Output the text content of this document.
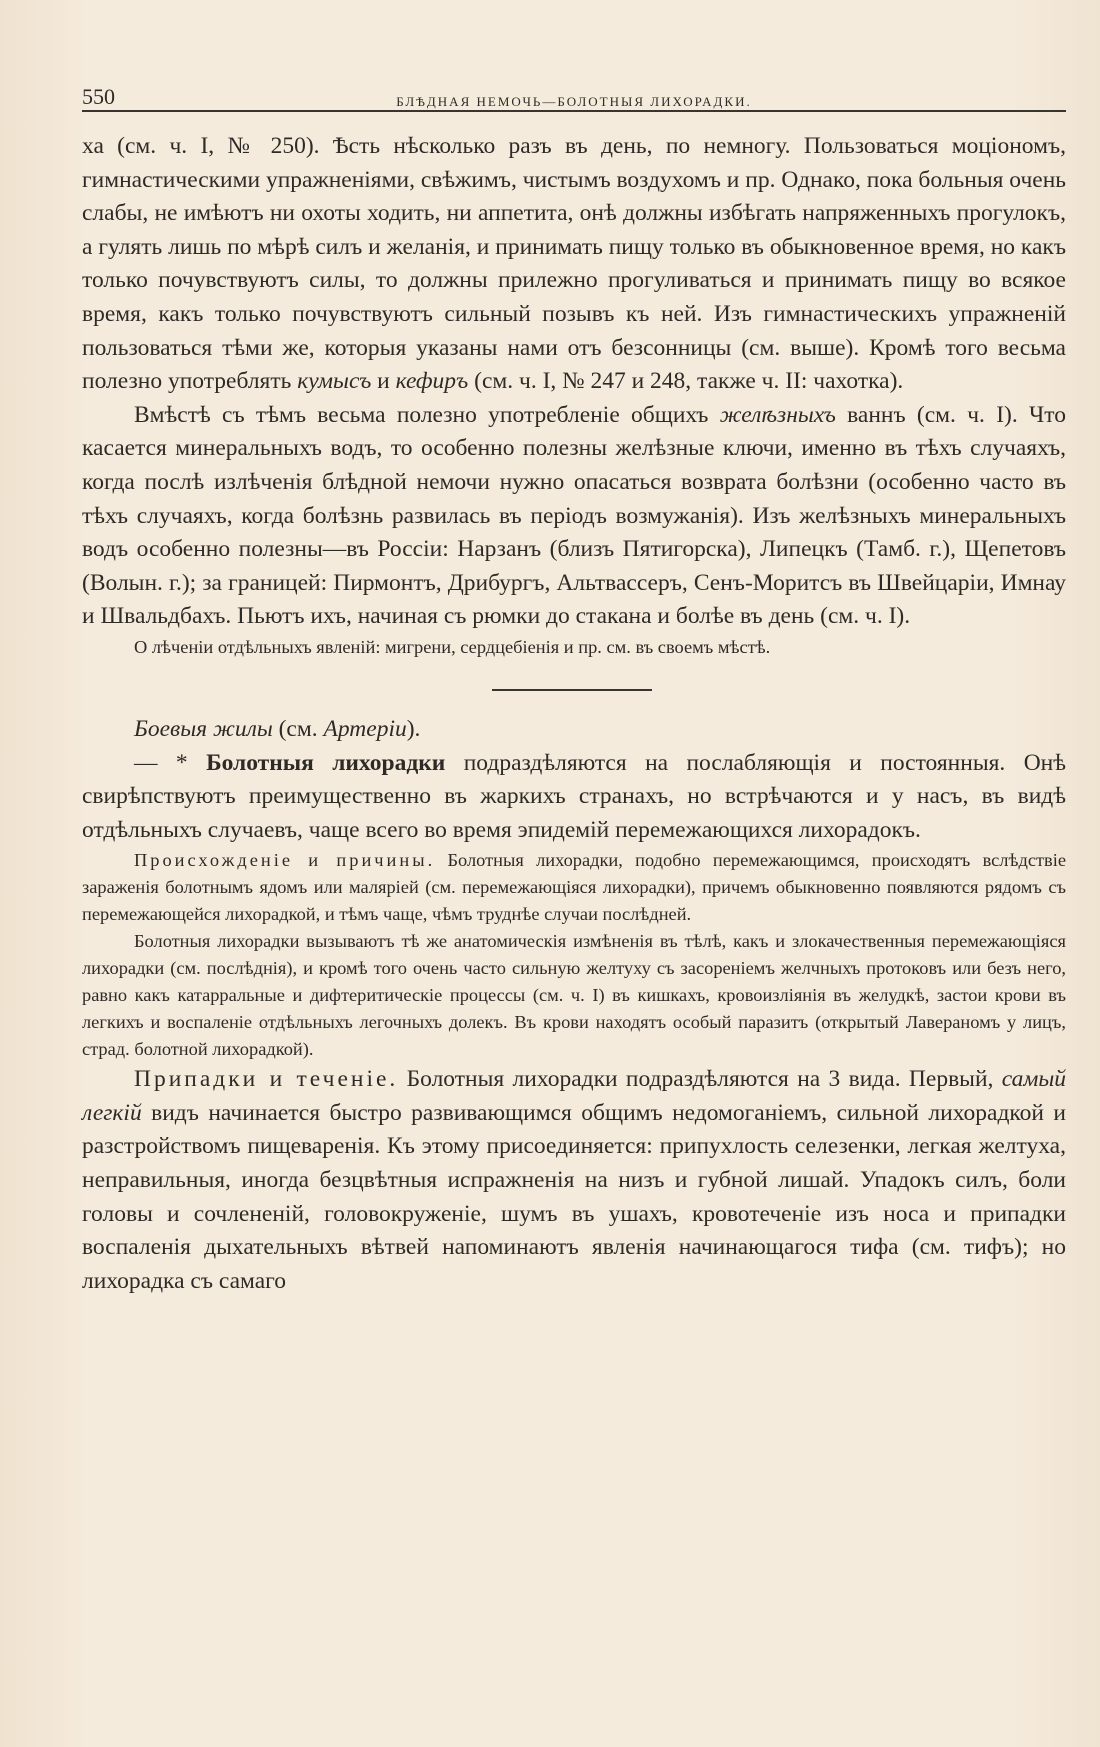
550	БЛѢДНАЯ НЕМОЧЬ—БОЛОТНЫЯ ЛИХОРАДКИ.

ха (см. ч. I, № 250). Ѣсть нѣсколько разъ въ день, по немногу. Пользоваться моціономъ, гимнастическими упражненіями, свѣжимъ, чистымъ воздухомъ и пр. Однако, пока больныя очень слабы, не имѣютъ ни охоты ходить, ни аппетита, онѣ должны избѣгать напряженныхъ прогулокъ, а гулять лишь по мѣрѣ силъ и желанія, и принимать пищу только въ обыкновенное время, но какъ только почувствуютъ силы, то должны прилежно прогуливаться и принимать пищу во всякое время, какъ только почувствуютъ сильный позывъ къ ней. Изъ гимнастическихъ упражненій пользоваться тѣми же, которыя указаны нами отъ безсонницы (см. выше). Кромѣ того весьма полезно употреблять кумысъ и кефиръ (см. ч. I, № 247 и 248, также ч. II: чахотка).

Вмѣстѣ съ тѣмъ весьма полезно употребленіе общихъ желѣзныхъ ваннъ (см. ч. I). Что касается минеральныхъ водъ, то особенно полезны желѣзные ключи, именно въ тѣхъ случаяхъ, когда послѣ излѣченія блѣдной немочи нужно опасаться возврата болѣзни (особенно часто въ тѣхъ случаяхъ, когда болѣзнь развилась въ періодъ возмужанія). Изъ желѣзныхъ минеральныхъ водъ особенно полезны—въ Россіи: Нарзанъ (близъ Пятигорска), Липецкъ (Тамб. г.), Щепетовъ (Волын. г.); за границей: Пирмонтъ, Дрибургъ, Альтвассеръ, Сенъ-Моритсъ въ Швейцаріи, Имнау и Швальдбахъ. Пьютъ ихъ, начиная съ рюмки до стакана и болѣе въ день (см. ч. I).

О лѣченіи отдѣльныхъ явленій: мигрени, сердцебіенія и пр. см. въ своемъ мѣстѣ.

Боевыя жилы (см. Артеріи).

— * Болотныя лихорадки подраздѣляются на послабляющія и постоянныя. Онѣ свирѣпствуютъ преимущественно въ жаркихъ странахъ, но встрѣчаются и у насъ, въ видѣ отдѣльныхъ случаевъ, чаще всего во время эпидемій перемежающихся лихорадокъ.

Происхожденіе и причины. Болотныя лихорадки, подобно перемежающимся, происходятъ вслѣдствіе зараженія болотнымъ ядомъ или маляріей (см. перемежающіяся лихорадки), причемъ обыкновенно появляются рядомъ съ перемежающейся лихорадкой, и тѣмъ чаще, чѣмъ труднѣе случаи послѣдней.

Болотныя лихорадки вызываютъ тѣ же анатомическія измѣненія въ тѣлѣ, какъ и злокачественныя перемежающіяся лихорадки (см. послѣднія), и кромѣ того очень часто сильную желтуху съ засореніемъ желчныхъ протоковъ или безъ него, равно какъ катарральные и дифтеритическіе процессы (см. ч. I) въ кишкахъ, кровоизліянія въ желудкѣ, застои крови въ легкихъ и воспаленіе отдѣльныхъ легочныхъ долекъ. Въ крови находятъ особый паразитъ (открытый Лавераномъ у лицъ, страд. болотной лихорадкой).

Припадки и теченіе. Болотныя лихорадки подраздѣляются на 3 вида. Первый, самый легкій видъ начинается быстро развивающимся общимъ недомоганіемъ, сильной лихорадкой и разстройствомъ пищеваренія. Къ этому присоединяется: припухлость селезенки, легкая желтуха, неправильныя, иногда безцвѣтныя испражненія на низъ и губной лишай. Упадокъ силъ, боли головы и сочлененій, головокруженіе, шумъ въ ушахъ, кровотеченіе изъ носа и припадки воспаленія дыхательныхъ вѣтвей напоминаютъ явленія начинающагося тифа (см. тифъ); но лихорадка съ самаго
